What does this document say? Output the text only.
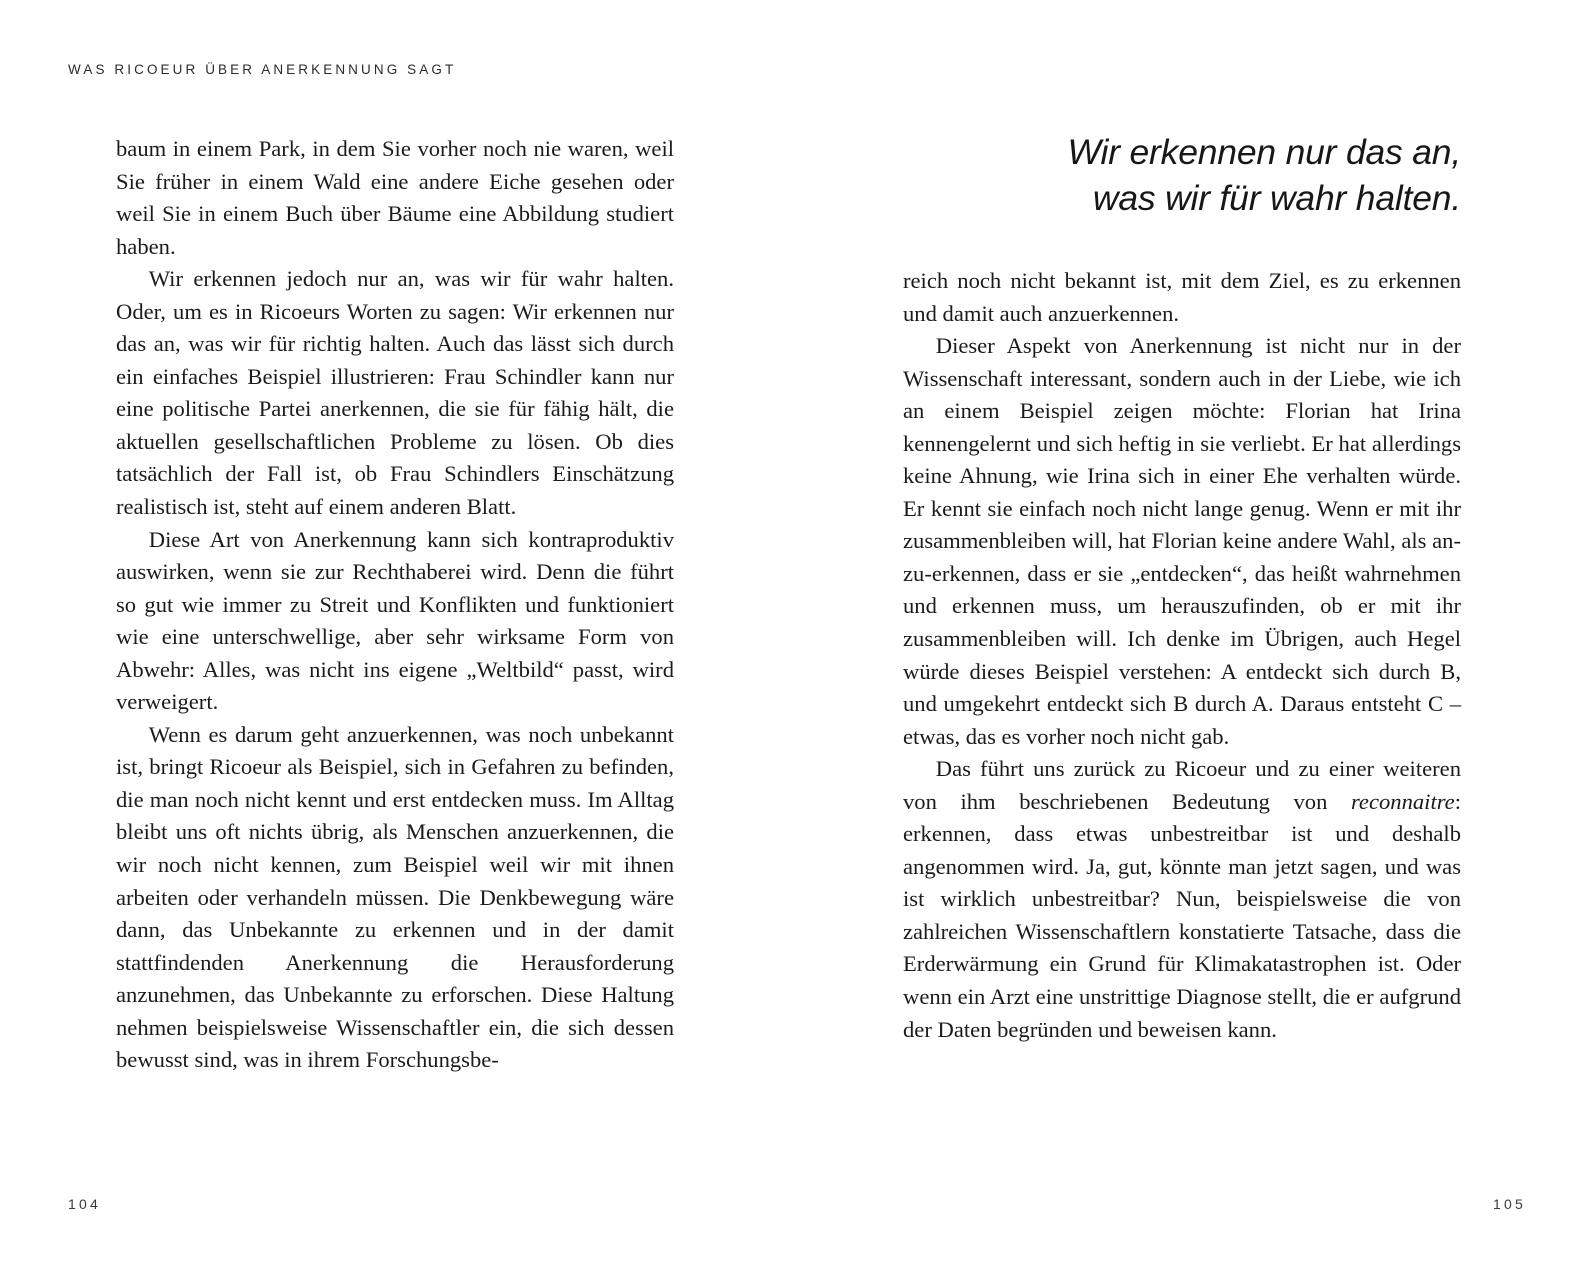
WAS RICOEUR ÜBER ANERKENNUNG SAGT

baum in einem Park, in dem Sie vorher noch nie waren, weil Sie früher in einem Wald eine andere Eiche gesehen oder weil Sie in einem Buch über Bäume eine Abbildung studiert haben.

Wir erkennen jedoch nur an, was wir für wahr halten. Oder, um es in Ricoeurs Worten zu sagen: Wir erkennen nur das an, was wir für richtig halten. Auch das lässt sich durch ein einfaches Beispiel illustrieren: Frau Schindler kann nur eine politische Partei anerkennen, die sie für fähig hält, die aktuellen gesellschaftlichen Probleme zu lösen. Ob dies tatsächlich der Fall ist, ob Frau Schindlers Einschätzung realistisch ist, steht auf einem anderen Blatt.

Diese Art von Anerkennung kann sich kontraproduktiv auswirken, wenn sie zur Rechthaberei wird. Denn die führt so gut wie immer zu Streit und Konflikten und funktioniert wie eine unterschwellige, aber sehr wirksame Form von Abwehr: Alles, was nicht ins eigene „Weltbild“ passt, wird verweigert.

Wenn es darum geht anzuerkennen, was noch unbekannt ist, bringt Ricoeur als Beispiel, sich in Gefahren zu befinden, die man noch nicht kennt und erst entdecken muss. Im Alltag bleibt uns oft nichts übrig, als Menschen anzuerkennen, die wir noch nicht kennen, zum Beispiel weil wir mit ihnen arbeiten oder verhandeln müssen. Die Denkbewegung wäre dann, das Unbekannte zu erkennen und in der damit stattfindenden Anerkennung die Herausforderung anzunehmen, das Unbekannte zu erforschen. Diese Haltung nehmen beispielsweise Wissenschaftler ein, die sich dessen bewusst sind, was in ihrem Forschungsbe-

104
Wir erkennen nur das an,
was wir für wahr halten.

reich noch nicht bekannt ist, mit dem Ziel, es zu erkennen und damit auch anzuerkennen.

Dieser Aspekt von Anerkennung ist nicht nur in der Wissenschaft interessant, sondern auch in der Liebe, wie ich an einem Beispiel zeigen möchte: Florian hat Irina kennengelernt und sich heftig in sie verliebt. Er hat allerdings keine Ahnung, wie Irina sich in einer Ehe verhalten würde. Er kennt sie einfach noch nicht lange genug. Wenn er mit ihr zusammenbleiben will, hat Florian keine andere Wahl, als an-zu-erkennen, dass er sie „entdecken“, das heißt wahrnehmen und erkennen muss, um herauszufinden, ob er mit ihr zusammenbleiben will. Ich denke im Übrigen, auch Hegel würde dieses Beispiel verstehen: A entdeckt sich durch B, und umgekehrt entdeckt sich B durch A. Daraus entsteht C – etwas, das es vorher noch nicht gab.

Das führt uns zurück zu Ricoeur und zu einer weiteren von ihm beschriebenen Bedeutung von reconnaitre: erkennen, dass etwas unbestreitbar ist und deshalb angenommen wird. Ja, gut, könnte man jetzt sagen, und was ist wirklich unbestreitbar? Nun, beispielsweise die von zahlreichen Wissenschaftlern konstatierte Tatsache, dass die Erderwärmung ein Grund für Klimakatastrophen ist. Oder wenn ein Arzt eine unstrittige Diagnose stellt, die er aufgrund der Daten begründen und beweisen kann.

105
